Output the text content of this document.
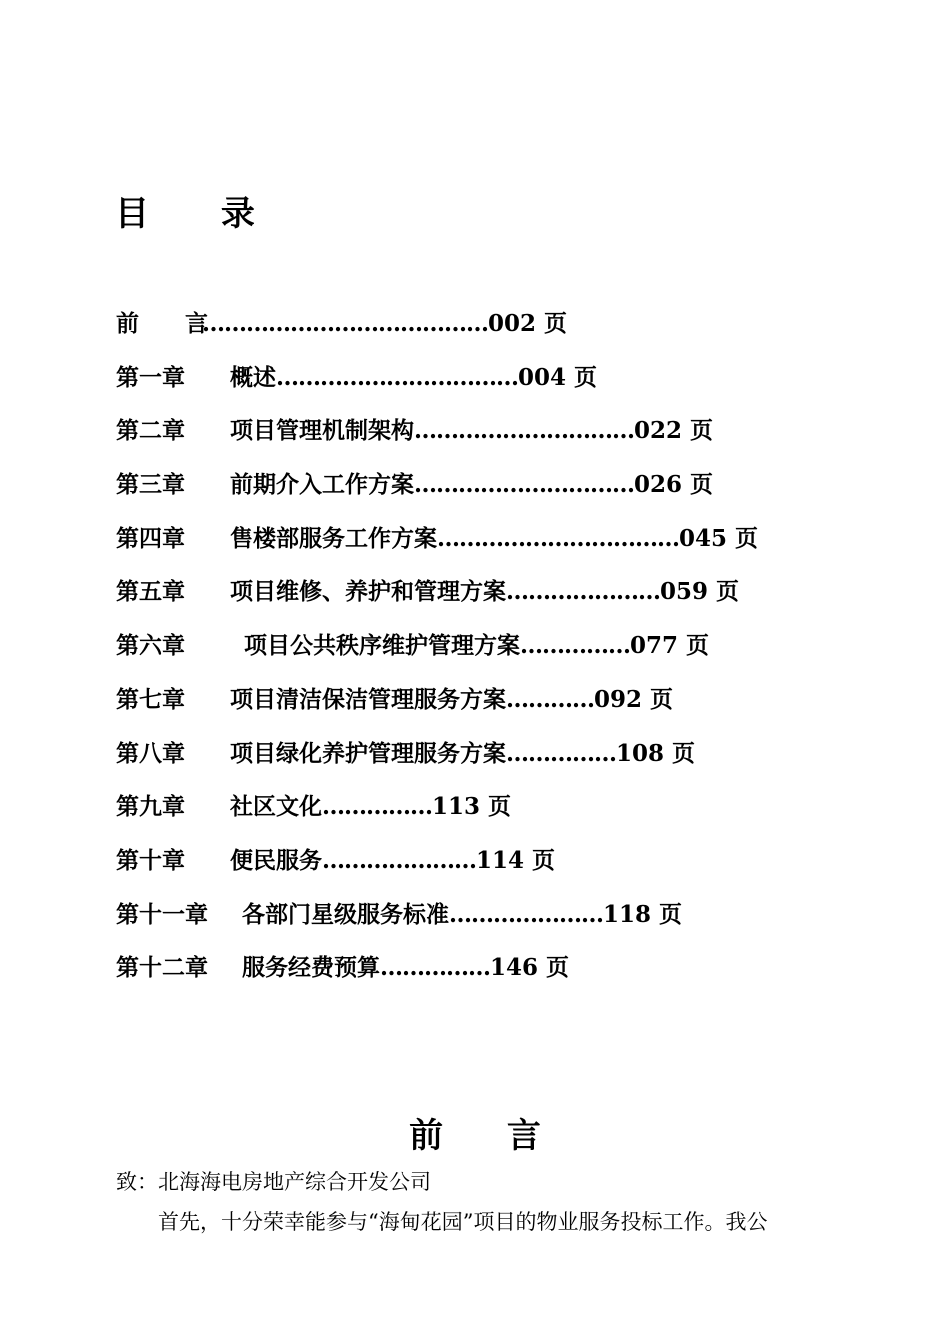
目 录
前　　言…………………………………002 页
第一章 概述……………………………004 页
第二章 项目管理机制架构…………………………022 页
第三章 前期介入工作方案…………………………026 页
第四章 售楼部服务工作方案……………………………045 页
第五章 项目维修、养护和管理方案…………………059 页
第六章	项目公共秩序维护管理方案……………077 页
第七章 项目清洁保洁管理服务方案…………092 页
第八章 项目绿化养护管理服务方案……………108 页
第九章 社区文化……………113 页
第十章 便民服务…………………114 页
第十一章 各部门星级服务标准…………………118 页
第十二章 服务经费预算……………146 页
前 言
致：北海海电房地产综合开发公司
首先，十分荣幸能参与“海甸花园”项目的物业服务投标工作。我公
